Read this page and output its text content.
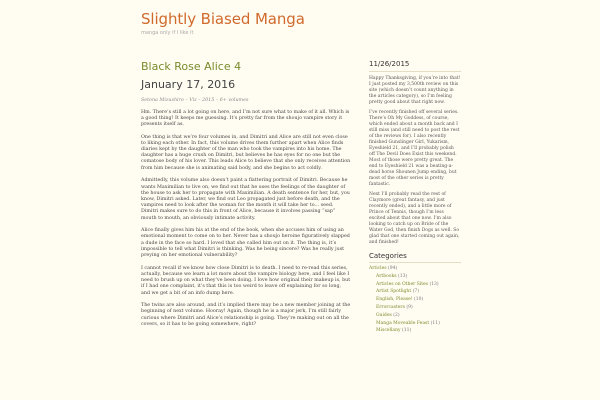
Slightly Biased Manga
manga only if I like it
Black Rose Alice 4
January 17, 2016
Setona Mizushiro – Viz – 2015 – 6+ volumes

Hm. There’s still a lot going on here, and I’m not sure what to make of it all. Which is a good thing! It keeps me guessing. It’s pretty far from the shoujo vampire story it presents itself as.

One thing is that we’re four volumes in, and Dimitri and Alice are still not even close to liking each other. In fact, this volume drives them further apart when Alice finds diaries kept by the daughter of the man who took the vampires into his home. The daughter has a huge crush on Dimitri, but believes he has eyes for no one but the comatose body of his lover. This leads Alice to believe that she only receives attention from him because she is animating said body, and she begins to act coldly.

Admittedly, this volume also doesn’t paint a flattering portrait of Dimitri. Because he wants Maximilian to live on, we find out that he uses the feelings of the daughter of the house to ask her to propagate with Maximilian. A death sentence for her, but, you know, Dimitri asked. Later, we find out Leo propagated just before death, and the vampires need to look after the woman for the month it will take her to... seed. Dimitri makes sure to do this in front of Alice, because it involves passing “sap” mouth to mouth, an obviously intimate activity.

Alice finally gives him his at the end of the book, when she accuses him of using an emotional moment to come on to her. Never has a shoujo heroine figuratively slapped a dude in the face so hard. I loved that she called him out on it. The thing is, it’s impossible to tell what Dimitri is thinking. Was he being sincere? Was he really just preying on her emotional vulnerability?

I cannot recall if we know how close Dimitri is to death. I need to re-read this series, actually, because we learn a lot more about the vampire biology here, and I feel like I need to brush up on what they’ve been doing. I love how original their makeup is, but if I had one complaint, it’s that this is too weird to leave off explaining for so long, and we get a bit of an info dump here.

The twins are also around, and it’s implied there may be a new member joining at the beginning of next volume. Hooray! Again, though he is a major jerk, I’m still fairly curious where Dimitri and Alice’s relationship is going. They’re making out on all the covers, so it has to be going somewhere, right?

11/26/2015

Happy Thanksgiving, if you’re into that! I just posted my 3,500th review on this site (which doesn’t count anything in the articles category), so I’m feeling pretty good about that right now.

I’ve recently finished off several series. There’s Oh My Goddess, of course, which ended about a month back and I still miss (and still need to post the rest of the reviews for). I also recently finished Gunslinger Girl, Yukarism, Eyeshield 21, and I’ll probably polish off The Devil Does Exist this weekend. Most of those were pretty great. The end to Eyeshield 21 was a beating-a-dead horse Shounen Jump ending, but most of the other series is pretty fantastic.

Next I’ll probably read the rest of Claymore (great fantasy, and just recently ended), and a little more of Prince of Tennis, though I’m less excited about that one now. I’m also looking to catch up on Bride of the Water God, then finish Dogs as well. So glad that one started coming out again, and finished!

Categories
Articles (94)
Artbooks (13)
Articles on Other Sites (13)
Artist Spotlight (7)
English, Please! (10)
Errorcasters (9)
Guides (2)
Manga Moveable Feast (11)
Miscellany (11)
